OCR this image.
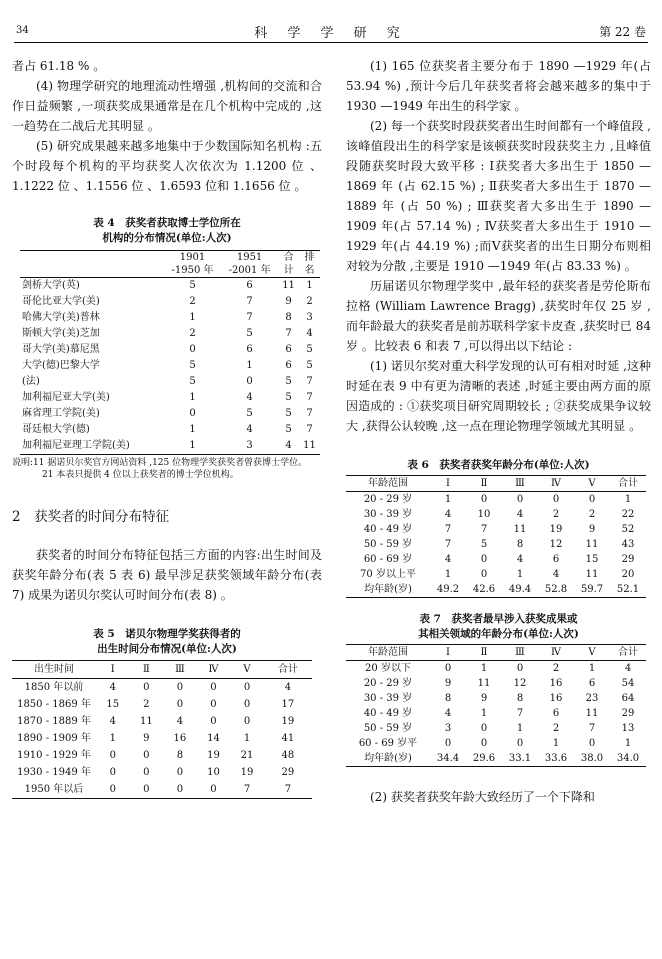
34	科 学 学 研 究	第 22 卷

者占 61.18 % 。

(4) 物理学研究的地理流动性增强 ,机构间的交流和合作日益频繁 ,一项获奖成果通常是在几个机构中完成的 ,这一趋势在二战后尤其明显 。

(5) 研究成果越来越多地集中于少数国际知名机构 :五个时段每个机构的平均获奖人次依次为 1.1200 位 、1.1222 位 、1.1556 位 、1.6593 位和 1.1656 位 。

表 4　获奖者获取博士学位所在

机构的分布情况(单位:人次)

	1901 -1950 年	1951 -2001 年	合计	排名
剑桥大学(英)	5	6	11	1
哥伦比亚大学(美)	2	7	9	2
哈佛大学(美)普林	1	7	8	3
斯顿大学(美)芝加	2	5	7	4
哥大学(美)慕尼黑	0	6	6	5
大学(德)巴黎大学	5	1	6	5
(法)	5	0	5	7
加利福尼亚大学(美)	1	4	5	7
麻省理工学院(美)	0	5	5	7
哥廷根大学(德)	1	4	5	7
加利福尼亚理工学院(美)	1	3	4	11
说明:11 据诺贝尔奖官方网站资料 ,125 位物理学奖获奖者曾获博士学位。
21 本表只提供 4 位以上获奖者的博士学位机构。

2　获奖者的时间分布特征

获奖者的时间分布特征包括三方面的内容:出生时间及获奖年龄分布(表 5 表 6) 最早涉足获奖领域年龄分布(表 7) 成果为诺贝尔奖认可时间分布(表 8) 。

表 5　诺贝尔物理学奖获得者的

出生时间分布情况(单位:人次)

出生时间	Ⅰ	Ⅱ	Ⅲ	Ⅳ	Ⅴ	合计
1850 年以前	4	0	0	0	0	4
1850 - 1869 年	15	2	0	0	0	17
1870 - 1889 年	4	11	4	0	0	19
1890 - 1909 年	1	9	16	14	1	41
1910 - 1929 年	0	0	8	19	21	48
1930 - 1949 年	0	0	0	10	19	29
1950 年以后	0	0	0	0	7	7

(1) 165 位获奖者主要分布于 1890 —1929 年(占 53.94 %) ,预计今后几年获奖者将会越来越多的集中于 1930 —1949 年出生的科学家 。

(2) 每一个获奖时段获奖者出生时间都有一个峰值段 ,该峰值段出生的科学家是该顿获奖时段获奖主力 ,且峰值段随获奖时段大致平移 : Ⅰ获奖者大多出生于 1850 —1869 年 (占 62.15 %) ; Ⅱ获奖者大多出生于 1870 —1889 年 (占 50 %) ; Ⅲ获奖者大多出生于 1890 —1909 年(占 57.14 %) ; Ⅳ获奖者大多出生于 1910 —1929 年(占 44.19 %) ;而Ⅴ获奖者的出生日期分布则相对较为分散 ,主要是 1910 —1949 年(占 83.33 %) 。

历届诺贝尔物理学奖中 ,最年轻的获奖者是劳伦斯布拉格 (William Lawrence Bragg) ,获奖时年仅 25 岁 ,而年龄最大的获奖者是前苏联科学家卡皮查 ,获奖时已 84 岁 。比较表 6 和表 7 ,可以得出以下结论 :

(1) 诺贝尔奖对重大科学发现的认可有相对时延 ,这种时延在表 9 中有更为清晰的表述 ,时延主要由两方面的原因造成的 : ①获奖项目研究周期较长 ; ②获奖成果争议较大 ,获得公认较晚 ,这一点在理论物理学领域尤其明显 。

表 6　获奖者获奖年龄分布(单位:人次)

年龄范围	Ⅰ	Ⅱ	Ⅲ	Ⅳ	Ⅴ	合计
20 - 29 岁	1	0	0	0	0	1
30 - 39 岁	4	10	4	2	2	22
40 - 49 岁	7	7	11	19	9	52
50 - 59 岁	7	5	8	12	11	43
60 - 69 岁	4	0	4	6	15	29
70 岁以上平	1	0	1	4	11	20
均年龄(岁)	49.2	42.6	49.4	52.8	59.7	52.1

表 7　获奖者最早涉入获奖成果或

其相关领域的年龄分布(单位:人次)

年龄范围	Ⅰ	Ⅱ	Ⅲ	Ⅳ	Ⅴ	合计
20 岁以下	0	1	0	2	1	4
20 - 29 岁	9	11	12	16	6	54
30 - 39 岁	8	9	8	16	23	64
40 - 49 岁	4	1	7	6	11	29
50 - 59 岁	3	0	1	2	7	13
60 - 69 岁平	0	0	0	1	0	1
均年龄(岁)	34.4	29.6	33.1	33.6	38.0	34.0

(2) 获奖者获奖年龄大致经历了一个下降和
